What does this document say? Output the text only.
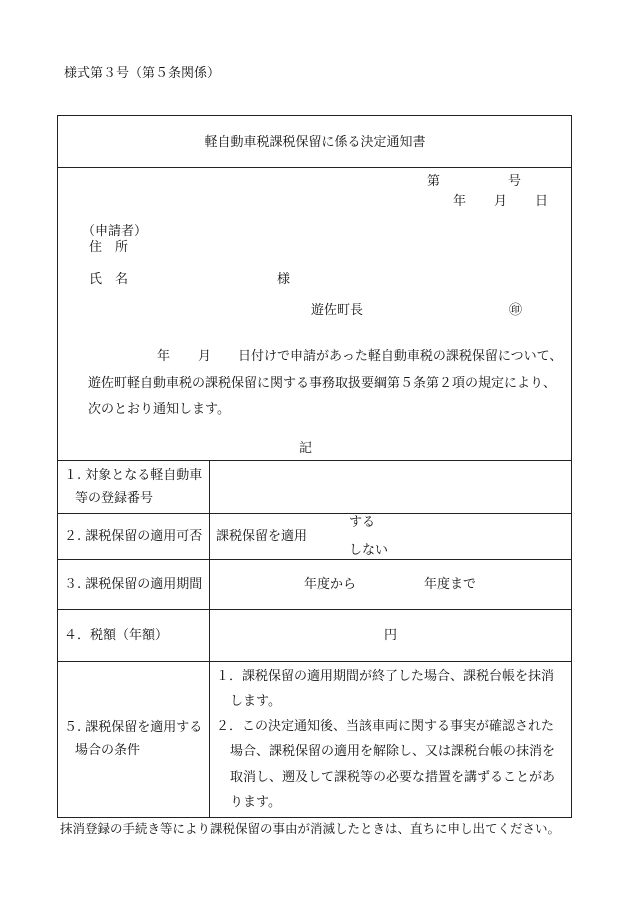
様式第３号（第５条関係）
軽自動車税課税保留に係る決定通知書
第	号
年 月 日
（申請者）
住　所
氏　名	様
遊佐町長	㊞
年 月 日付けで申請があった軽自動車税の課税保留について、
遊佐町軽自動車税の課税保留に関する事務取扱要綱第５条第２項の規定により、
次のとおり通知します。
記
１. 対象となる軽自動車
等の登録番号
２. 課税保留の適用可否 課税保留を適用
する
しない
３. 課税保留の適用期間	年度から	年度まで
４．税額（年額）	円
５. 課税保留を適用する
場合の条件
１．課税保留の適用期間が終了した場合、課税台帳を抹消
します。
２．この決定通知後、当該車両に関する事実が確認された
場合、課税保留の適用を解除し、又は課税台帳の抹消を
取消し、遡及して課税等の必要な措置を講ずることがあ
ります。
抹消登録の手続き等により課税保留の事由が消滅したときは、直ちに申し出てください。
